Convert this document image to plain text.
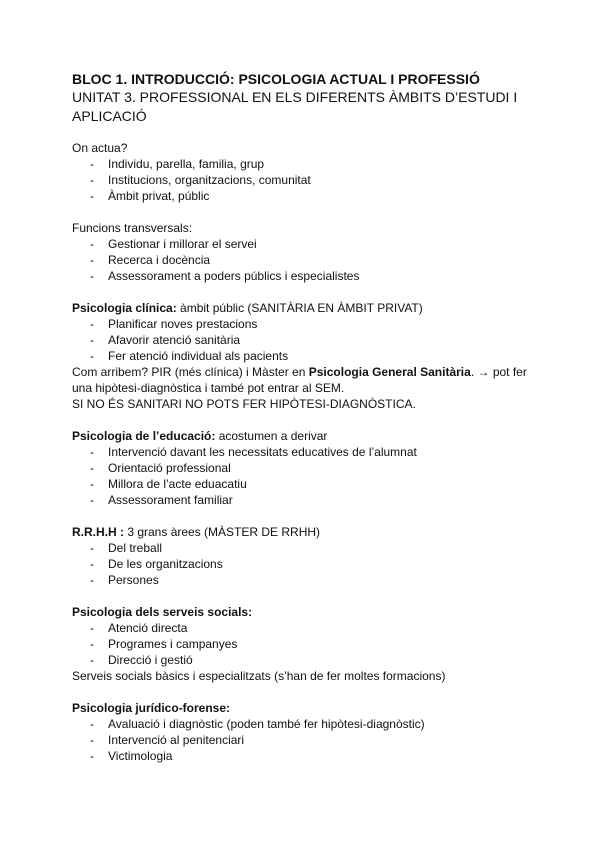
BLOC 1. INTRODUCCIÓ: PSICOLOGIA ACTUAL I PROFESSIÓ
UNITAT 3. PROFESSIONAL EN ELS DIFERENTS ÀMBITS D’ESTUDI I APLICACIÓ
On actua?
- Individu, parella, familia, grup
- Institucions, organitzacions, comunitat
- Àmbit privat, públic
Funcions transversals:
- Gestionar i millorar el servei
- Recerca i docència
- Assessorament a poders públics i especialistes
Psicologia clínica: àmbit públic (SANITÀRIA EN ÀMBIT PRIVAT)
- Planificar noves prestacions
- Afavorir atenció sanitària
- Fer atenció individual als pacients
Com arribem? PIR (més clínica) i Màster en Psicologia General Sanitària. → pot fer una hipòtesi-diagnòstica i també pot entrar al SEM.
SI NO ÉS SANITARI NO POTS FER HIPÒTESI-DIAGNÒSTICA.
Psicologia de l’educació: acostumen a derivar
- Intervenció davant les necessitats educatives de l’alumnat
- Orientació professional
- Millora de l’acte eduacatiu
- Assessorament familiar
R.R.H.H : 3 grans àrees (MÀSTER DE RRHH)
- Del treball
- De les organitzacions
- Persones
Psicologia dels serveis socials:
- Atenció directa
- Programes i campanyes
- Direcció i gestió
Serveis socials bàsics i especialitzats (s’han de fer moltes formacions)
Psicologia jurídico-forense:
- Avaluació i diagnòstic (poden també fer hipòtesi-diagnòstic)
- Intervenció al penitenciari
- Victimologia
